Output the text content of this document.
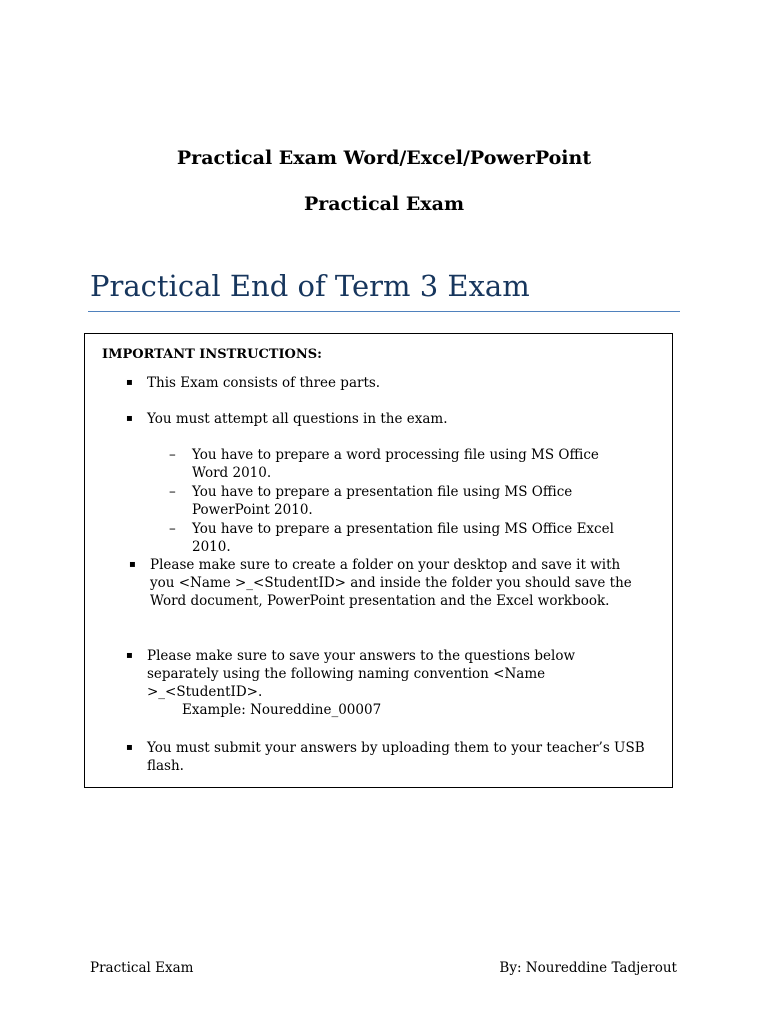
Practical Exam Word/Excel/PowerPoint
Practical Exam
Practical End of Term 3 Exam

IMPORTANT INSTRUCTIONS:

▪ This Exam consists of three parts.
▪ You must attempt all questions in the exam.
– You have to prepare a word processing file using MS Office Word 2010.
– You have to prepare a presentation file using MS Office PowerPoint 2010.
– You have to prepare a presentation file using MS Office Excel 2010.
▪ Please make sure to create a folder on your desktop and save it with you <Name >_<StudentID> and inside the folder you should save the Word document, PowerPoint presentation and the Excel workbook.
▪ Please make sure to save your answers to the questions below separately using the following naming convention <Name >_<StudentID>.
Example: Noureddine_00007
▪ You must submit your answers by uploading them to your teacher’s USB flash.
Practical Exam	By: Noureddine Tadjerout
